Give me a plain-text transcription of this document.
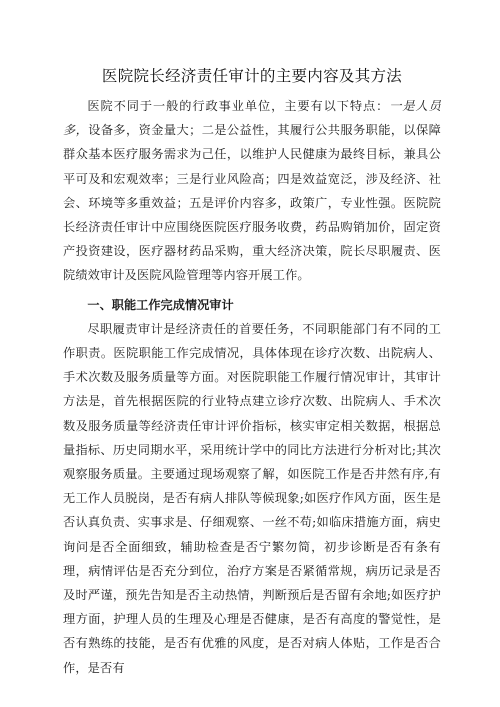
医院院长经济责任审计的主要内容及其方法

医院不同于一般的行政事业单位，主要有以下特点：一是人员多，设备多，资金量大；二是公益性，其履行公共服务职能，以保障群众基本医疗服务需求为己任，以维护人民健康为最终目标，兼具公平可及和宏观效率；三是行业风险高；四是效益宽泛，涉及经济、社会、环境等多重效益；五是评价内容多，政策广，专业性强。医院院长经济责任审计中应围绕医院医疗服务收费，药品购销加价，固定资产投资建设，医疗器材药品采购，重大经济决策，院长尽职履责、医院绩效审计及医院风险管理等内容开展工作。

一、职能工作完成情况审计

尽职履责审计是经济责任的首要任务，不同职能部门有不同的工作职责。医院职能工作完成情况，具体体现在诊疗次数、出院病人、手术次数及服务质量等方面。对医院职能工作履行情况审计，其审计方法是，首先根据医院的行业特点建立诊疗次数、出院病人、手术次数及服务质量等经济责任审计评价指标，核实审定相关数据，根据总量指标、历史同期水平，采用统计学中的同比方法进行分析对比;其次观察服务质量。主要通过现场观察了解，如医院工作是否井然有序,有无工作人员脱岗，是否有病人排队等候现象;如医疗作风方面，医生是否认真负责、实事求是、仔细观察、一丝不苟;如临床措施方面，病史询问是否全面细致，辅助检查是否宁繁勿简，初步诊断是否有条有理，病情评估是否充分到位，治疗方案是否紧循常规，病历记录是否及时严谨，预先告知是否主动热情，判断预后是否留有余地;如医疗护理方面，护理人员的生理及心理是否健康，是否有高度的警觉性，是否有熟练的技能，是否有优雅的风度，是否对病人体贴，工作是否合作，是否有
